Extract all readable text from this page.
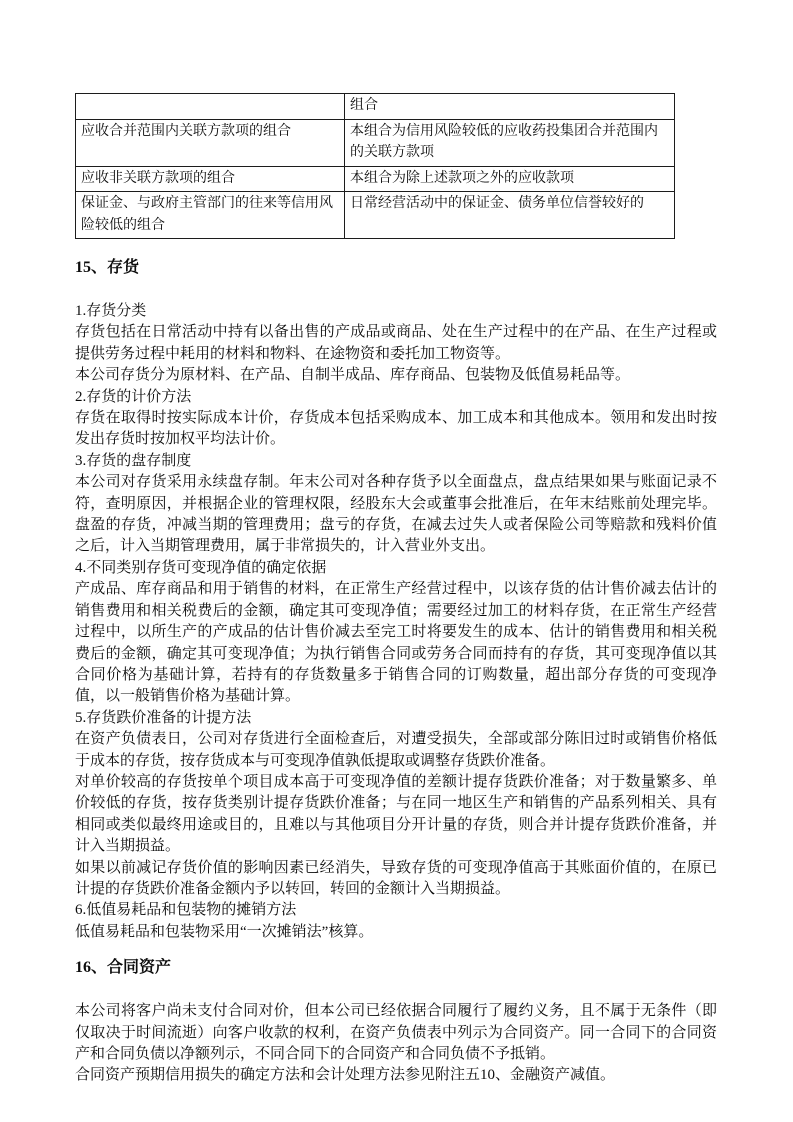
	组合
应收合并范围内关联方款项的组合	本组合为信用风险较低的应收药投集团合并范围内的关联方款项
应收非关联方款项的组合	本组合为除上述款项之外的应收款项
保证金、与政府主管部门的往来等信用风险较低的组合	日常经营活动中的保证金、债务单位信誉较好的
15、存货

1.存货分类

存货包括在日常活动中持有以备出售的产成品或商品、处在生产过程中的在产品、在生产过程或提供劳务过程中耗用的材料和物料、在途物资和委托加工物资等。

本公司存货分为原材料、在产品、自制半成品、库存商品、包装物及低值易耗品等。

2.存货的计价方法

存货在取得时按实际成本计价，存货成本包括采购成本、加工成本和其他成本。领用和发出时按发出存货时按加权平均法计价。

3.存货的盘存制度

本公司对存货采用永续盘存制。年末公司对各种存货予以全面盘点，盘点结果如果与账面记录不符，查明原因，并根据企业的管理权限，经股东大会或董事会批准后，在年末结账前处理完毕。盘盈的存货，冲减当期的管理费用；盘亏的存货，在减去过失人或者保险公司等赔款和残料价值之后，计入当期管理费用，属于非常损失的，计入营业外支出。

4.不同类别存货可变现净值的确定依据

产成品、库存商品和用于销售的材料，在正常生产经营过程中，以该存货的估计售价减去估计的销售费用和相关税费后的金额，确定其可变现净值；需要经过加工的材料存货，在正常生产经营过程中，以所生产的产成品的估计售价减去至完工时将要发生的成本、估计的销售费用和相关税费后的金额，确定其可变现净值；为执行销售合同或劳务合同而持有的存货，其可变现净值以其合同价格为基础计算，若持有的存货数量多于销售合同的订购数量，超出部分存货的可变现净值，以一般销售价格为基础计算。

5.存货跌价准备的计提方法

在资产负债表日，公司对存货进行全面检查后，对遭受损失，全部或部分陈旧过时或销售价格低于成本的存货，按存货成本与可变现净值孰低提取或调整存货跌价准备。

对单价较高的存货按单个项目成本高于可变现净值的差额计提存货跌价准备；对于数量繁多、单价较低的存货，按存货类别计提存货跌价准备；与在同一地区生产和销售的产品系列相关、具有相同或类似最终用途或目的，且难以与其他项目分开计量的存货，则合并计提存货跌价准备，并计入当期损益。

如果以前减记存货价值的影响因素已经消失，导致存货的可变现净值高于其账面价值的，在原已计提的存货跌价准备金额内予以转回，转回的金额计入当期损益。

6.低值易耗品和包装物的摊销方法

低值易耗品和包装物采用“一次摊销法”核算。

16、合同资产

本公司将客户尚未支付合同对价，但本公司已经依据合同履行了履约义务，且不属于无条件（即仅取决于时间流逝）向客户收款的权利，在资产负债表中列示为合同资产。同一合同下的合同资产和合同负债以净额列示，不同合同下的合同资产和合同负债不予抵销。

合同资产预期信用损失的确定方法和会计处理方法参见附注五10、金融资产减值。
